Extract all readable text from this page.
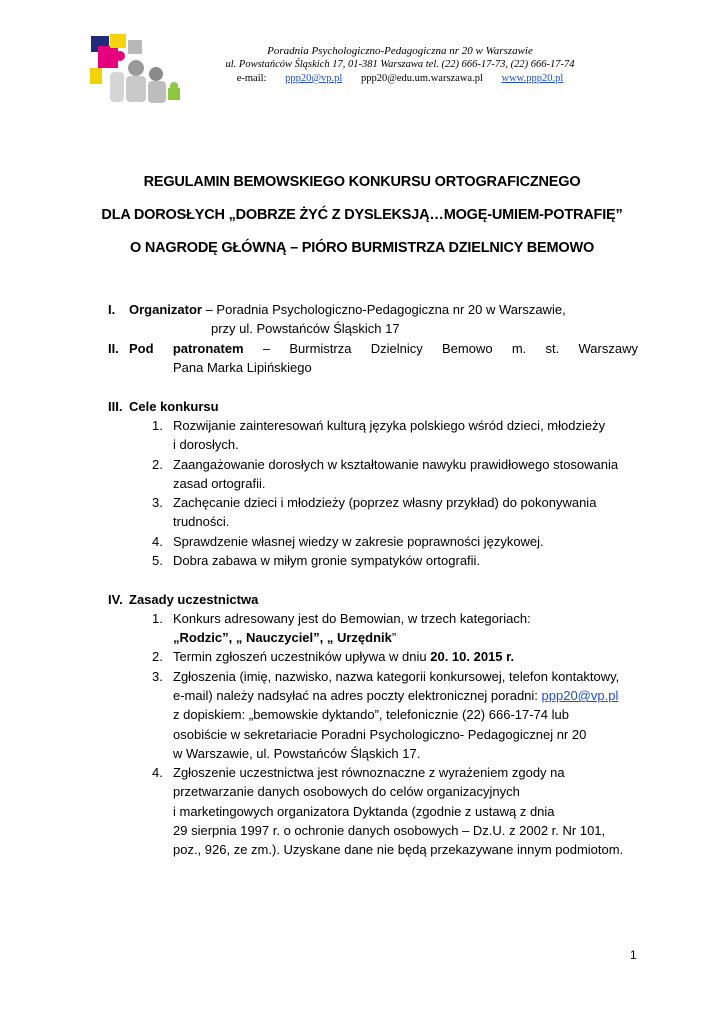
Poradnia Psychologiczno-Pedagogiczna nr 20 w Warszawie
ul. Powstańców Śląskich 17, 01-381 Warszawa tel. (22) 666-17-73, (22) 666-17-74
e-mail: ppp20@vp.pl ppp20@edu.um.warszawa.pl www.ppp20.pl
REGULAMIN BEMOWSKIEGO KONKURSU ORTOGRAFICZNEGO
DLA DOROSŁYCH „DOBRZE ŻYĆ Z DYSLEKSJĄ…MOGĘ-UMIEM-POTRAFIĘ”
O NAGRODĘ GŁÓWNĄ – PIÓRO BURMISTRZA DZIELNICY BEMOWO
I. Organizator – Poradnia Psychologiczno-Pedagogiczna nr 20 w Warszawie,
przy ul. Powstańców Śląskich 17
II. Pod patronatem – Burmistrza Dzielnicy Bemowo m. st. Warszawy
Pana Marka Lipińskiego
III. Cele konkursu
1. Rozwijanie zainteresowań kulturą języka polskiego wśród dzieci, młodzieży
i dorosłych.
2. Zaangażowanie dorosłych w kształtowanie nawyku prawidłowego stosowania
zasad ortografii.
3. Zachęcanie dzieci i młodzieży (poprzez własny przykład) do pokonywania
trudności.
4. Sprawdzenie własnej wiedzy w zakresie poprawności językowej.
5. Dobra zabawa w miłym gronie sympatyków ortografii.
IV. Zasady uczestnictwa
1. Konkurs adresowany jest do Bemowian, w trzech kategoriach:
„Rodzic”, „ Nauczyciel”, „ Urzędnik”
2. Termin zgłoszeń uczestników upływa w dniu 20. 10. 2015 r.
3. Zgłoszenia (imię, nazwisko, nazwa kategorii konkursowej, telefon kontaktowy,
e-mail) należy nadsyłać na adres poczty elektronicznej poradni: ppp20@vp.pl
z dopiskiem: „bemowskie dyktando”, telefonicznie (22) 666-17-74 lub
osobiście w sekretariacie Poradni Psychologiczno- Pedagogicznej nr 20
w Warszawie, ul. Powstańców Śląskich 17.
4. Zgłoszenie uczestnictwa jest równoznaczne z wyrażeniem zgody na
przetwarzanie danych osobowych do celów organizacyjnych
i marketingowych organizatora Dyktanda (zgodnie z ustawą z dnia
29 sierpnia 1997 r. o ochronie danych osobowych – Dz.U. z 2002 r. Nr 101,
poz., 926, ze zm.). Uzyskane dane nie będą przekazywane innym podmiotom.
1
